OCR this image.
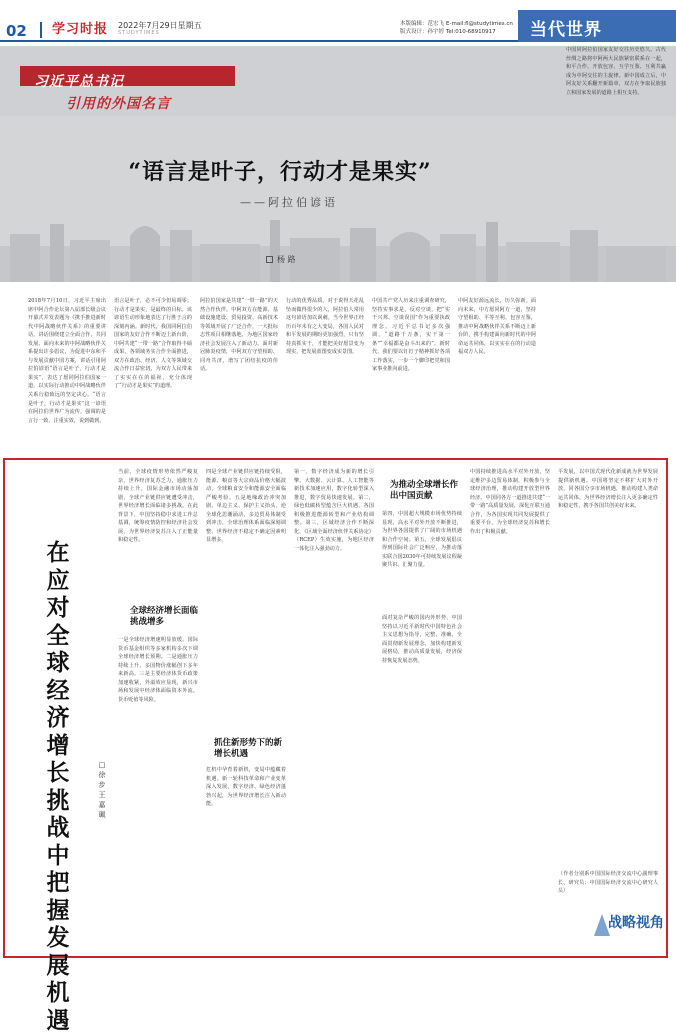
02 学习时报 2022年7月29日星期五
STUDYTIMES
本版编辑：范宏飞
版式设计：孙宇婷
E-mail:fl@studytimes.cn
Tel:010-68910917	当代世界
习近平总书记
引用的外国名言
“语言是叶子，行动才是果实”
——阿拉伯谚语
杨 路
2018年7月10日，习近平主席出席中阿合作论坛第八届部长级会议开幕式并发表题为《携手推进新时代中阿战略伙伴关系》的重要讲话。讲话围绕建立全面合作、共同发展、面向未来的中阿战略伙伴关系提出许多倡议，为促进中东和平与发展贡献中国方案，讲话引用阿拉伯谚语“语言是叶子，行动才是果实”，表达了愿同阿拉伯国家一道，以实际行动推动中阿战略伙伴关系行稳致远的坚定决心。“语言是叶子，行动才是果实”这一谚语在阿拉伯世界广为流传，强调的是言行一致，注重实效，说到做到。
语言是叶子，必不可少但易凋零；行动才是果实，是最终的目标。该谚语生动形象地表达了行胜于言的深刻内涵。新时代，我国同阿拉伯国家的友好合作不断迈上新台阶，中阿共建“一带一路”合作取得丰硕成果，各领域务实合作全面推进，双方在政治、经济、人文等领域交流合作日益密切，为双方人民带来了实实在在的福祉，充分体现了“行动才是果实”的道理。
阿拉伯国家是共建“一带一路”的天然合作伙伴。中阿双方在能源、基础设施建设、贸易投资、高新技术等领域开展了广泛合作，一大批标志性项目相继落地，为地区国家经济社会发展注入了新动力。面对新冠肺炎疫情，中阿双方守望相助、同舟共济，谱写了团结抗疫的佳话。
行动的优秀品质。对于说得天花乱坠而做得很少的人，阿拉伯人常用这句谚语加以讽刺。当今世界正经历百年未有之大变局，各国人民对和平发展的期盼更加强烈，只有坚持真抓实干，才能把美好愿景变为现实，把发展蓝图变成实景图。
中国共产党人历来注重调查研究，坚持实事求是，反对空谈，把“实干兴邦、空谈误国”作为重要执政理念。习近平总书记多次强调，“道路千万条，实干第一条”“幸福都是奋斗出来的”。新时代，我们要以钉钉子精神抓好各项工作落实，一步一个脚印把党和国家事业推向前进。
中阿友好源远流长，历久弥新。面向未来，中方愿同阿方一道，坚持守望相助、平等互利、包容互鉴，推动中阿战略伙伴关系不断迈上新台阶，携手构建面向新时代的中阿命运共同体，以实实在在的行动造福双方人民。
中国同阿拉伯国家友好交往历史悠久。古代丝绸之路将中阿两大民族紧密联系在一起，和平合作、开放包容、互学互鉴、互利共赢成为中阿交往的主旋律。新中国成立后，中阿友好关系翻开新篇章，双方在争取民族独立和国家发展的道路上相互支持。
在应对全球经济增长挑战中把握发展机遇
□ 徐 步 王嘉珮
当前，全球疫情形势依然严峻复杂，世界经济复苏乏力，通胀压力持续上升，国际金融市场动荡加剧，全球产业链供应链遭受冲击，世界经济增长面临诸多挑战。在此背景下，中国坚持稳中求进工作总基调，统筹疫情防控和经济社会发展，为世界经济复苏注入了正能量和稳定性。
全球经济增长面临挑战增多
一是全球经济增速明显放缓。国际货币基金组织等多家机构多次下调全球经济增长预期。二是通胀压力持续上升，多国物价涨幅创下多年来新高。三是主要经济体货币政策加速收紧，外溢效应显现，新兴市场和发展中经济体面临资本外流、货币贬值等风险。
四是全球产业链供应链持续受阻，能源、粮食等大宗商品价格大幅波动，全球粮食安全和能源安全面临严峻考验。五是地缘政治冲突加剧，单边主义、保护主义抬头，逆全球化思潮涌动，多边贸易体制受到冲击，全球治理体系面临深刻调整，世界经济不稳定不确定因素明显增多。
抓住新形势下的新增长机遇
危机中孕育着新机，变局中蕴藏着机遇。新一轮科技革命和产业变革深入发展，数字经济、绿色经济蓬勃兴起，为世界经济增长注入新动能。
第一，数字经济成为新的增长引擎。大数据、云计算、人工智能等新技术加速应用，数字化转型深入推进，数字贸易快速发展。第二，绿色低碳转型蕴含巨大机遇，各国积极推进能源转型和产业结构调整。第三，区域经济合作不断深化，《区域全面经济伙伴关系协定》（RCEP）生效实施，为地区经济一体化注入强劲动力。
为推动全球增长作出中国贡献
第四，中国超大规模市场优势持续显现，高水平对外开放不断推进，为世界各国提供了广阔的市场机遇和合作空间。第五，全球发展倡议得到国际社会广泛响应，为推动落实联合国2030年可持续发展议程凝聚共识、汇聚力量。
面对复杂严峻的国内外形势，中国坚持以习近平新时代中国特色社会主义思想为指导，完整、准确、全面贯彻新发展理念，加快构建新发展格局，推动高质量发展，经济保持恢复发展态势。
中国持续推进高水平对外开放，坚定维护多边贸易体制，积极参与全球经济治理，推动构建开放型世界经济。中国同各方一道推进共建“一带一路”高质量发展，深化互联互通合作，为各国实现共同发展提供了重要平台，为全球经济复苏和增长作出了积极贡献。
平发展，以中国式现代化新成就为世界发展提供新机遇。中国将坚定不移扩大对外开放，同各国分享市场机遇，推动构建人类命运共同体，为世界经济增长注入更多确定性和稳定性，携手各国共创美好未来。
（作者分别系中国国际经济交流中心副理事长、研究员；中国国际经济交流中心研究人员）
战略视角
